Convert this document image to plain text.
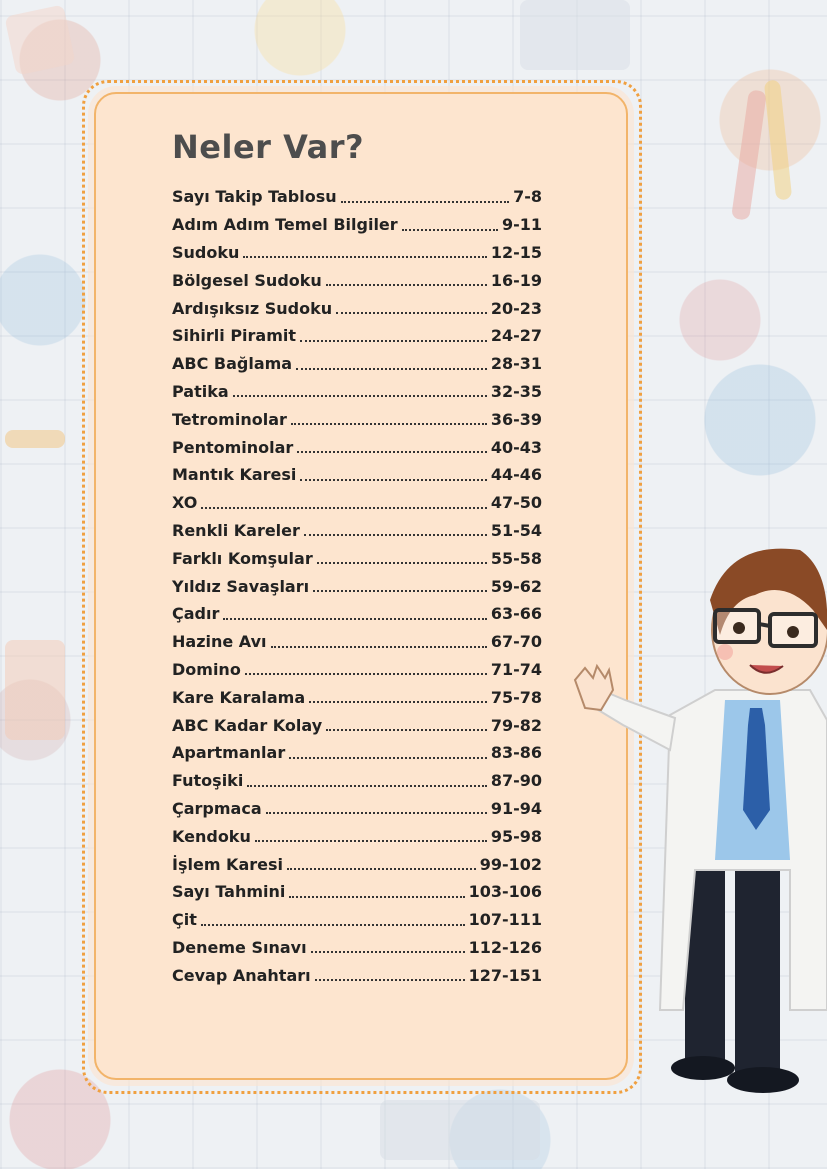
Neler Var?
Sayı Takip Tablosu	7-8
Adım Adım Temel Bilgiler	9-11
Sudoku	12-15
Bölgesel Sudoku	16-19
Ardışıksız Sudoku	20-23
Sihirli Piramit	24-27
ABC Bağlama	28-31
Patika	32-35
Tetrominolar	36-39
Pentominolar	40-43
Mantık Karesi	44-46
XO	47-50
Renkli Kareler	51-54
Farklı Komşular	55-58
Yıldız Savaşları	59-62
Çadır	63-66
Hazine Avı	67-70
Domino	71-74
Kare Karalama	75-78
ABC Kadar Kolay	79-82
Apartmanlar	83-86
Futoşiki	87-90
Çarpmaca	91-94
Kendoku	95-98
İşlem Karesi	99-102
Sayı Tahmini	103-106
Çit	107-111
Deneme Sınavı	112-126
Cevap Anahtarı	127-151
